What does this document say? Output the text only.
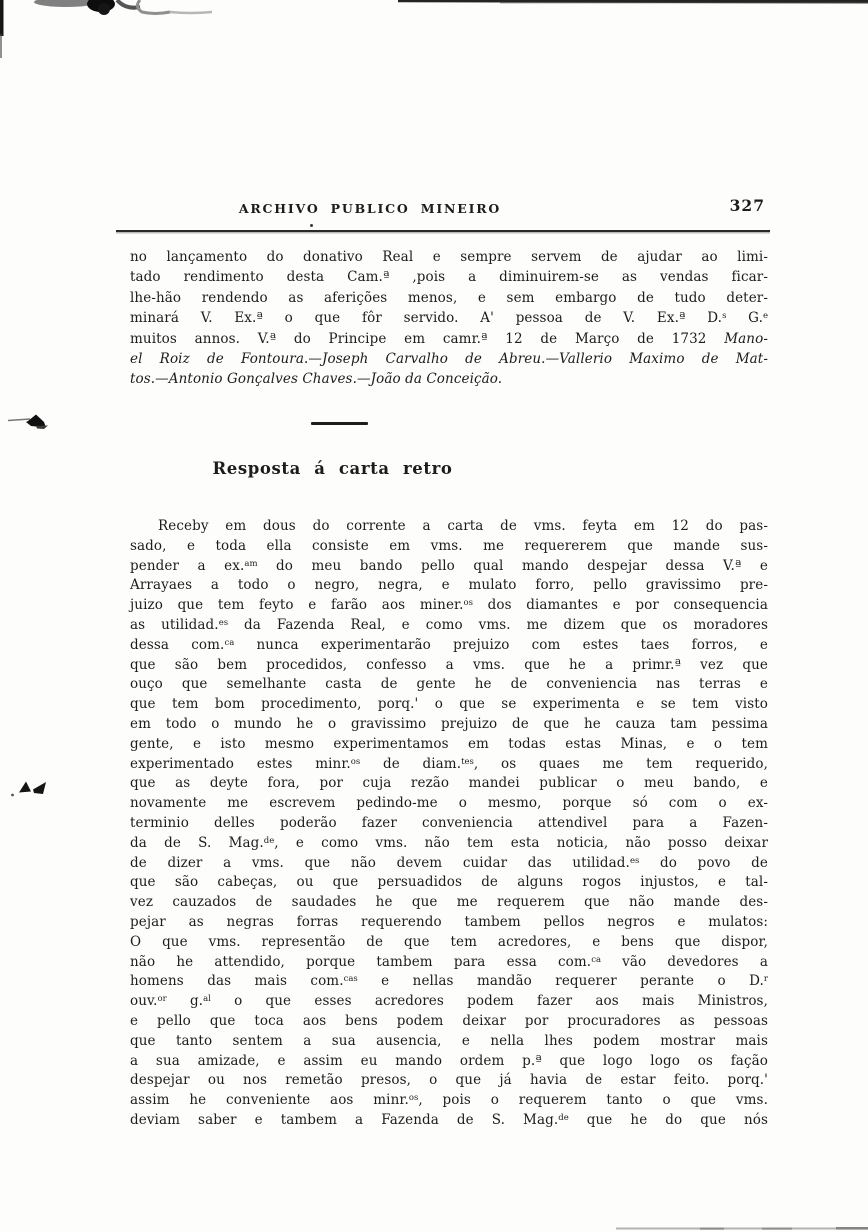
ARCHIVO PUBLICO MINEIRO	327
no lançamento do donativo Real e sempre servem de ajudar ao limi-
tado rendimento desta Cam.ª ,pois a diminuirem-se as vendas ficar-
lhe-hão rendendo as aferições menos, e sem embargo de tudo deter-
minará V. Ex.ª o que fôr servido. A' pessoa de V. Ex.ª D.$^s$ G.$^e$
muitos annos. V.ª do Principe em camr.ª 12 de Março de 1732 Mano-
el Roiz de Fontoura.—Joseph Carvalho de Abreu.—Vallerio Maximo de Mat-
tos.—Antonio Gonçalves Chaves.—João da Conceição.
Resposta á carta retro
Receby em dous do corrente a carta de vms. feyta em 12 do pas-
sado, e toda ella consiste em vms. me requererem que mande sus-
pender a ex.$^{am}$ do meu bando pello qual mando despejar dessa V.ª e
Arrayaes a todo o negro, negra, e mulato forro, pello gravissimo pre-
juizo que tem feyto e farão aos miner.$^{os}$ dos diamantes e por consequencia
as utilidad.$^{es}$ da Fazenda Real, e como vms. me dizem que os moradores
dessa com.$^{ca}$ nunca experimentarão prejuizo com estes taes forros, e
que são bem procedidos, confesso a vms. que he a primr.ª vez que
ouço que semelhante casta de gente he de conveniencia nas terras e
que tem bom procedimento, porq.' o que se experimenta e se tem visto
em todo o mundo he o gravissimo prejuizo de que he cauza tam pessima
gente, e isto mesmo experimentamos em todas estas Minas, e o tem
experimentado estes minr.$^{os}$ de diam.$^{tes}$, os quaes me tem requerido,
que as deyte fora, por cuja rezão mandei publicar o meu bando, e
novamente me escrevem pedindo-me o mesmo, porque só com o ex-
terminio delles poderão fazer conveniencia attendivel para a Fazen-
da de S. Mag.$^{de}$, e como vms. não tem esta noticia, não posso deixar
de dizer a vms. que não devem cuidar das utilidad.$^{es}$ do povo de
que são cabeças, ou que persuadidos de alguns rogos injustos, e tal-
vez cauzados de saudades he que me requerem que não mande des-
pejar as negras forras requerendo tambem pellos negros e mulatos:
O que vms. representão de que tem acredores, e bens que dispor,
não he attendido, porque tambem para essa com.$^{ca}$ vão devedores a
homens das mais com.$^{cas}$ e nellas mandão requerer perante o D.$^r$
ouv.$^{or}$ g.$^{al}$ o que esses acredores podem fazer aos mais Ministros,
e pello que toca aos bens podem deixar por procuradores as pessoas
que tanto sentem a sua ausencia, e nella lhes podem mostrar mais
a sua amizade, e assim eu mando ordem p.ª que logo logo os fação
despejar ou nos remetão presos, o que já havia de estar feito. porq.'
assim he conveniente aos minr.$^{os}$, pois o requerem tanto o que vms.
deviam saber e tambem a Fazenda de S. Mag.$^{de}$ que he do que nós
